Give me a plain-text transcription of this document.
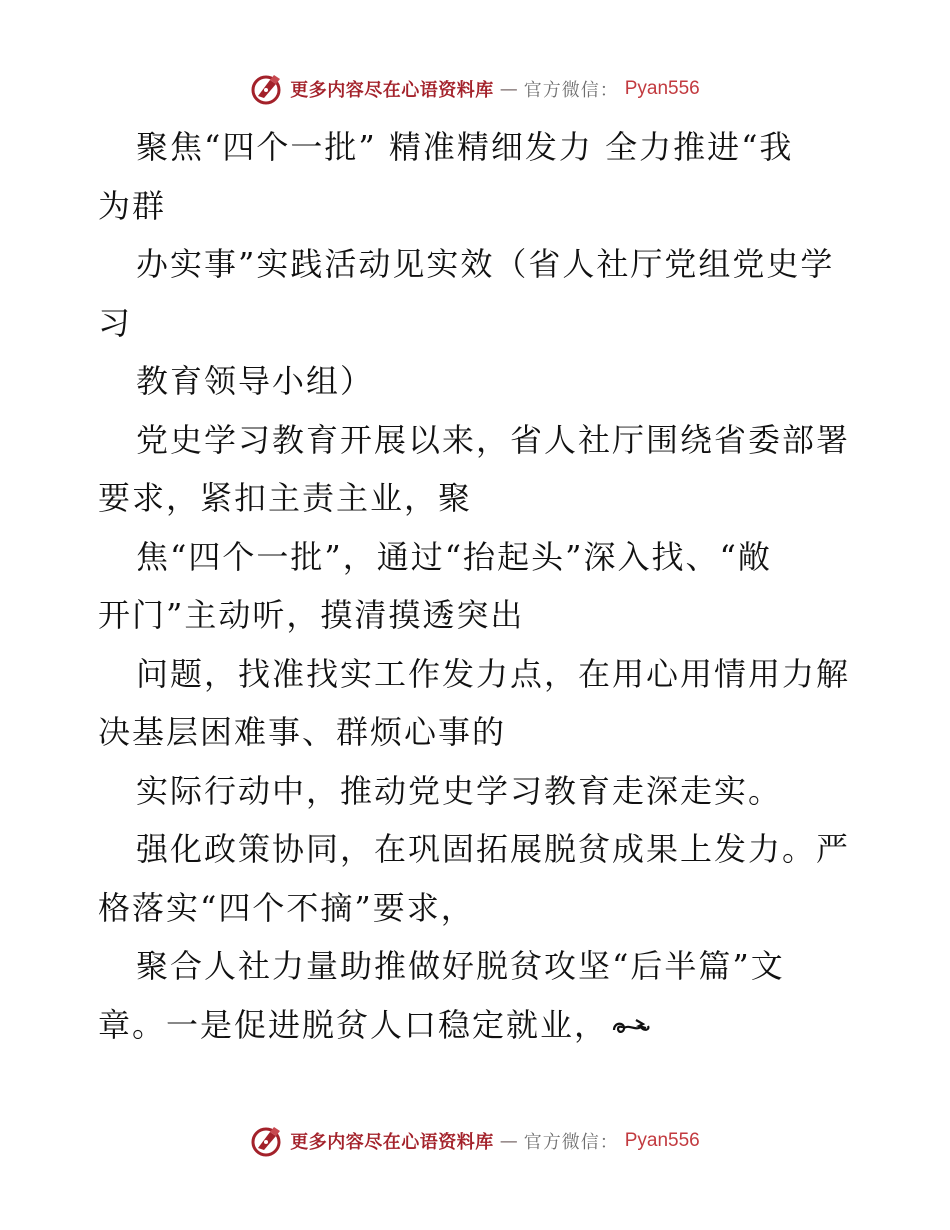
更多内容尽在心语资料库 — 官方微信： Pyan556
聚焦“四个一批” 精准精细发力 全力推进“我
为群
办实事”实践活动见实效（省人社厅党组党史学
习
教育领导小组）
党史学习教育开展以来，省人社厅围绕省委部署
要求，紧扣主责主业，聚
焦“四个一批”，通过“抬起头”深入找、“敞
开门”主动听，摸清摸透突出
问题，找准找实工作发力点，在用心用情用力解
决基层困难事、群烦心事的
实际行动中，推动党史学习教育走深走实。
强化政策协同，在巩固拓展脱贫成果上发力。严
格落实“四个不摘”要求，
聚合人社力量助推做好脱贫攻坚“后半篇”文
章。一是促进脱贫人口稳定就业，
更多内容尽在心语资料库 — 官方微信： Pyan556
